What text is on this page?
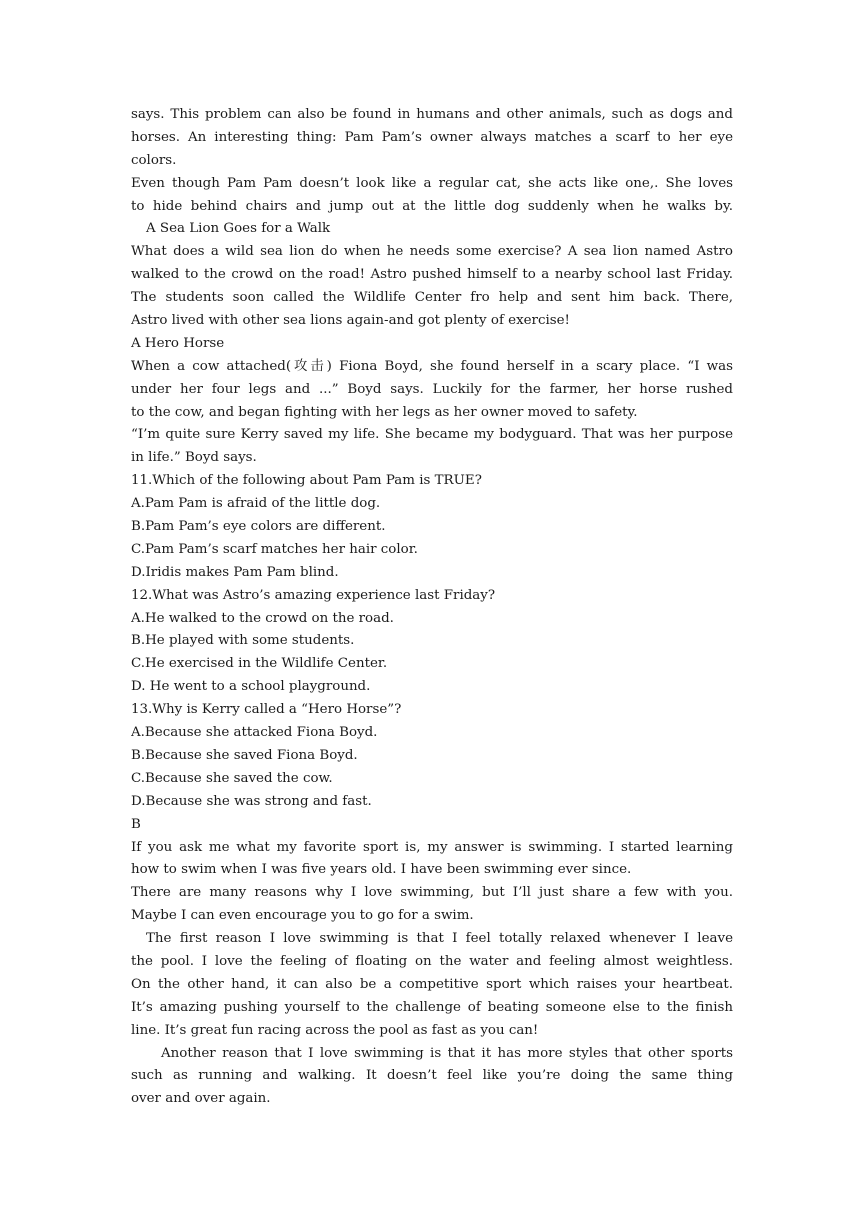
says. This problem can also be found in humans and other animals, such as dogs and
horses. An interesting thing: Pam Pam’s owner always matches a scarf to her eye
colors.
Even though Pam Pam doesn’t look like a regular cat, she acts like one,. She loves
to hide behind chairs and jump out at the little dog suddenly when he walks by.
A Sea Lion Goes for a Walk
What does a wild sea lion do when he needs some exercise? A sea lion named Astro
walked to the crowd on the road! Astro pushed himself to a nearby school last Friday.
The students soon called the Wildlife Center fro help and sent him back. There,
Astro lived with other sea lions again-and got plenty of exercise!
A Hero Horse
When a cow attached(攻击) Fiona Boyd, she found herself in a scary place. “I was
under her four legs and ...” Boyd says. Luckily for the farmer, her horse rushed
to the cow, and began fighting with her legs as her owner moved to safety.
“I’m quite sure Kerry saved my life. She became my bodyguard. That was her purpose
in life.” Boyd says.
11.Which of the following about Pam Pam is TRUE?
A.Pam Pam is afraid of the little dog.
B.Pam Pam’s eye colors are different.
C.Pam Pam’s scarf matches her hair color.
D.Iridis makes Pam Pam blind.
12.What was Astro’s amazing experience last Friday?
A.He walked to the crowd on the road.
B.He played with some students.
C.He exercised in the Wildlife Center.
D. He went to a school playground.
13.Why is Kerry called a “Hero Horse”?
A.Because she attacked Fiona Boyd.
B.Because she saved Fiona Boyd.
C.Because she saved the cow.
D.Because she was strong and fast.
B
If you ask me what my favorite sport is, my answer is swimming. I started learning
how to swim when I was five years old. I have been swimming ever since.
There are many reasons why I love swimming, but I’ll just share a few with you.
Maybe I can even encourage you to go for a swim.
The first reason I love swimming is that I feel totally relaxed whenever I leave
the pool. I love the feeling of floating on the water and feeling almost weightless.
On the other hand, it can also be a competitive sport which raises your heartbeat.
It’s amazing pushing yourself to the challenge of beating someone else to the finish
line. It’s great fun racing across the pool as fast as you can!
Another reason that I love swimming is that it has more styles that other sports
such as running and walking. It doesn’t feel like you’re doing the same thing
over and over again.
